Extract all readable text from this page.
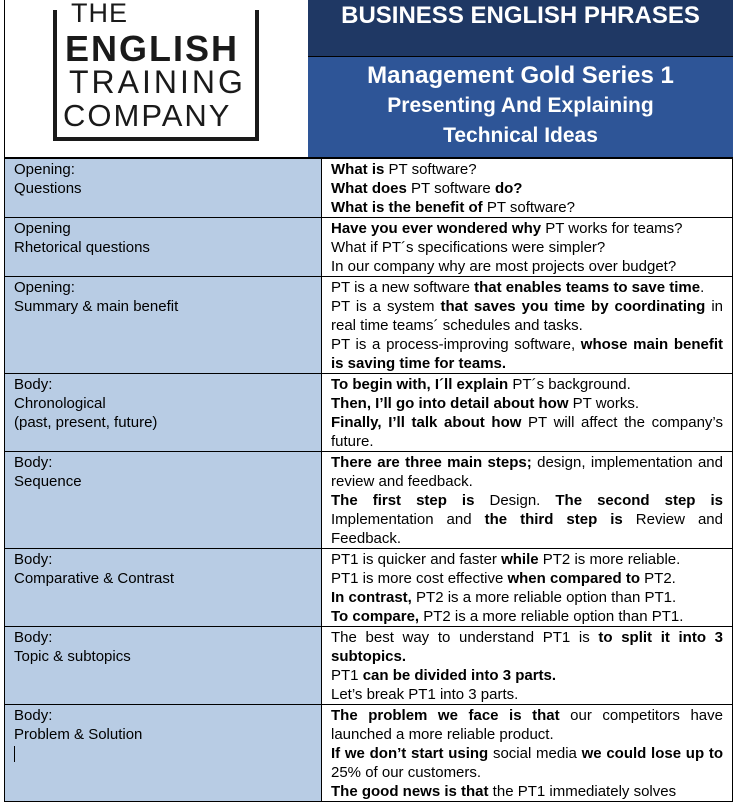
THE
ENGLISH
TRAINING
COMPANY
BUSINESS ENGLISH PHRASES
Management Gold Series 1
Presenting And Explaining
Technical Ideas
Opening:
Questions	What is PT software?
What does PT software do?
What is the benefit of PT software?

Opening
Rhetorical questions	Have you ever wondered why PT works for teams?
What if PT´s specifications were simpler?
In our company why are most projects over budget?

Opening:
Summary & main benefit	PT is a new software that enables teams to save time.
PT is a system that saves you time by coordinating in real time teams´ schedules and tasks.
PT is a process-improving software, whose main benefit is saving time for teams.

Body:
Chronological
(past, present, future)	To begin with, I´ll explain PT´s background.
Then, I’ll go into detail about how PT works.
Finally, I’ll talk about how PT will affect the company’s future.

Body:
Sequence	There are three main steps; design, implementation and review and feedback.
The first step is Design. The second step is Implementation and the third step is Review and Feedback.

Body:
Comparative & Contrast	PT1 is quicker and faster while PT2 is more reliable.
PT1 is more cost effective when compared to PT2.
In contrast, PT2 is a more reliable option than PT1.
To compare, PT2 is a more reliable option than PT1.

Body:
Topic & subtopics	The best way to understand PT1 is to split it into 3 subtopics.
PT1 can be divided into 3 parts.
Let’s break PT1 into 3 parts.

Body:
Problem & Solution	The problem we face is that our competitors have launched a more reliable product.
If we don’t start using social media we could lose up to 25% of our customers.
The good news is that the PT1 immediately solves
